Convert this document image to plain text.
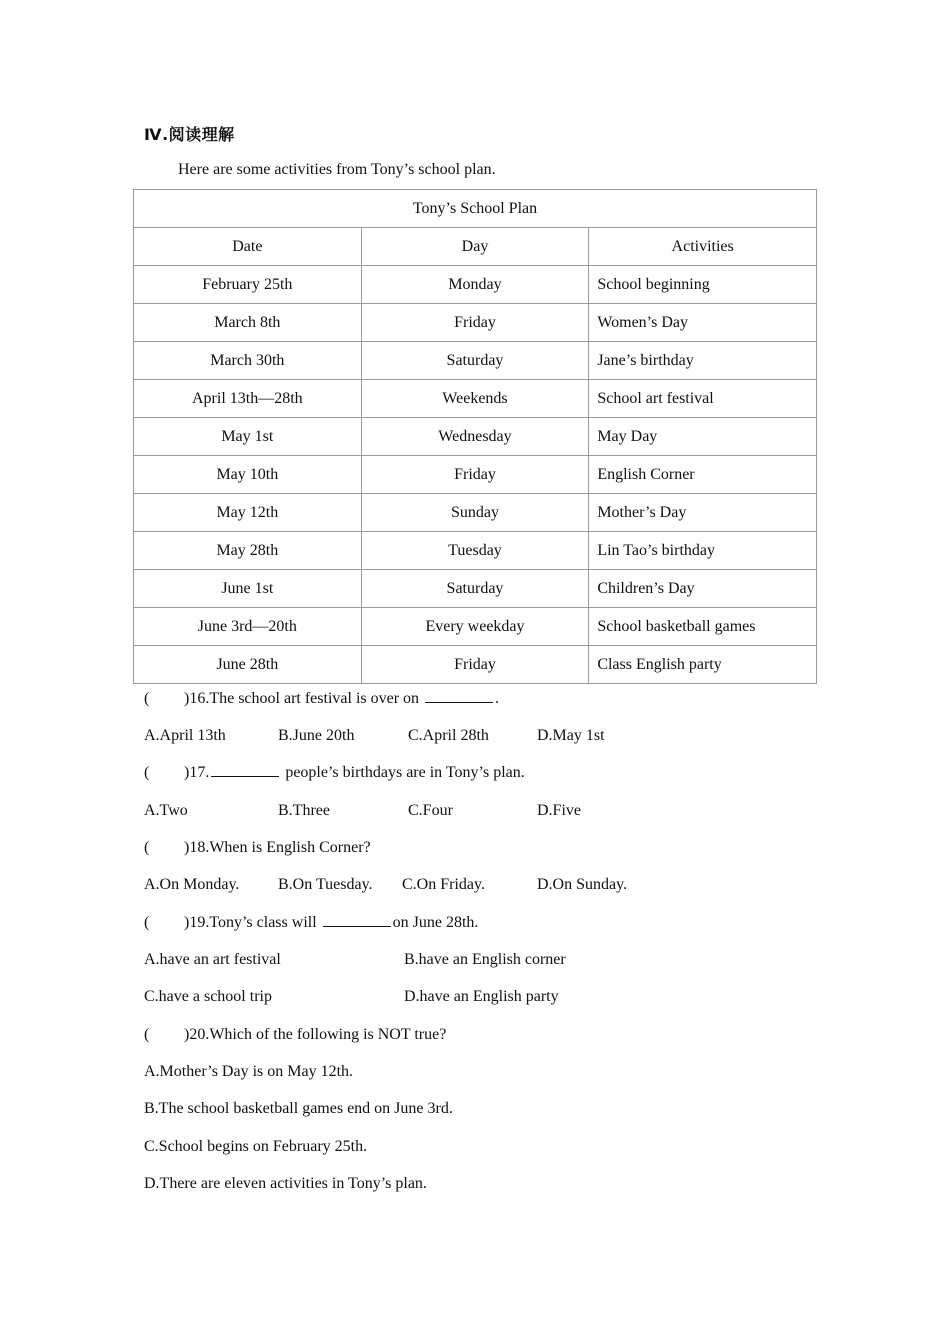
Ⅳ.阅读理解
Here are some activities from Tony’s school plan.
Tony’s School Plan		
Date	Day	Activities
February 25th	Monday	School beginning
March 8th	Friday	Women’s Day
March 30th	Saturday	Jane’s birthday
April 13th—28th	Weekends	School art festival
May 1st	Wednesday	May Day
May 10th	Friday	English Corner
May 12th	Sunday	Mother’s Day
May 28th	Tuesday	Lin Tao’s birthday
June 1st	Saturday	Children’s Day
June 3rd—20th	Every weekday	School basketball games
June 28th	Friday	Class English party
( )16.The school art festival is over on	.
A.April 13th	B.June 20th	C.April 28th	D.May 1st
( )17.	people’s birthdays are in Tony’s plan.
A.Two	B.Three	C.Four	D.Five
( )18.When is English Corner?
A.On Monday. B.On Tuesday. C.On Friday.	D.On Sunday.
( )19.Tony’s class will	on June 28th.
A.have an art festival	B.have an English corner
C.have a school trip	D.have an English party
( )20.Which of the following is NOT true?
A.Mother’s Day is on May 12th.
B.The school basketball games end on June 3rd.
C.School begins on February 25th.
D.There are eleven activities in Tony’s plan.
